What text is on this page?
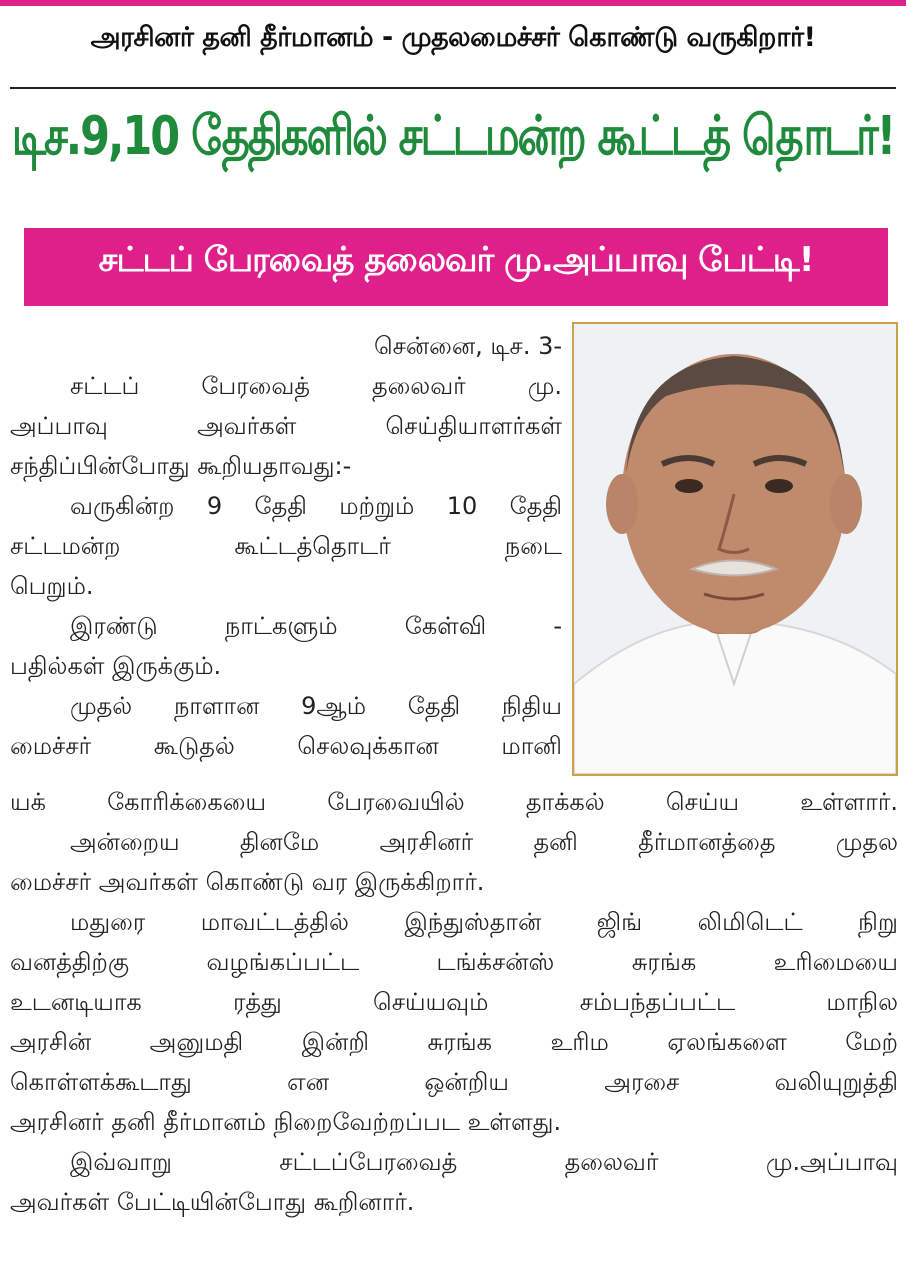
அரசினர் தனி தீர்மானம் - முதலமைச்சர் கொண்டு வருகிறார்!
டிச.9,10 தேதிகளில் சட்டமன்ற கூட்டத் தொடர்!
சட்டப் பேரவைத் தலைவர் மு.அப்பாவு பேட்டி!
சென்னை, டிச. 3-
சட்டப் பேரவைத் தலைவர் மு.
அப்பாவு அவர்கள் செய்தியாளர்கள்
சந்திப்பின்போது கூறியதாவது:-
வருகின்ற 9 தேதி மற்றும் 10 தேதி
சட்டமன்ற கூட்டத்தொடர் நடை
பெறும்.
இரண்டு நாட்களும் கேள்வி -
பதில்கள் இருக்கும்.
முதல் நாளான 9ஆம் தேதி நிதிய
மைச்சர் கூடுதல் செலவுக்கான மானி
யக் கோரிக்கையை பேரவையில் தாக்கல் செய்ய உள்ளார்.
அன்றைய தினமே அரசினர் தனி தீர்மானத்தை முதல
மைச்சர் அவர்கள் கொண்டு வர இருக்கிறார்.
மதுரை மாவட்டத்தில் இந்துஸ்தான் ஜிங் லிமிடெட் நிறு
வனத்திற்கு வழங்கப்பட்ட டங்க்சன்ஸ் சுரங்க உரிமையை
உடனடியாக ரத்து செய்யவும் சம்பந்தப்பட்ட மாநில
அரசின் அனுமதி இன்றி சுரங்க உரிம ஏலங்களை மேற்
கொள்ளக்கூடாது என ஒன்றிய அரசை வலியுறுத்தி
அரசினர் தனி தீர்மானம் நிறைவேற்றப்பட உள்ளது.
இவ்வாறு சட்டப்பேரவைத் தலைவர் மு.அப்பாவு
அவர்கள் பேட்டியின்போது கூறினார்.
